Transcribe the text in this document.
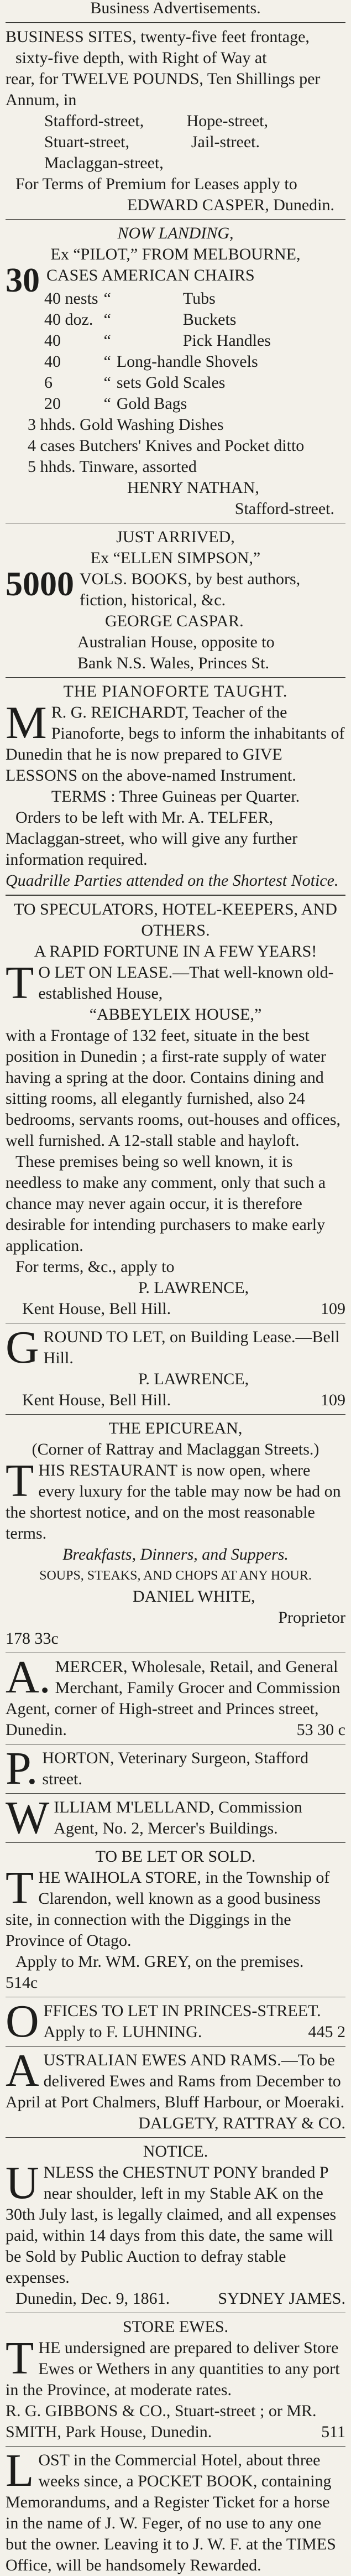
Business Advertisements.

BUSINESS SITES, twenty-five feet frontage,

sixty-five depth, with Right of Way at

rear, for TWELVE POUNDS, Ten Shillings per

Annum, in

Stafford-street,	Hope-street,
Stuart-street,	Jail-street.
Maclaggan-street,

For Terms of Premium for Leases apply to

EDWARD CASPER, Dunedin.

NOW LANDING,

Ex “PILOT,” FROM MELBOURNE,

30 CASES AMERICAN CHAIRS
40 nests	“	Tubs
40 doz.	“	Buckets
40	“	Pick Handles
40	“	Long-handle Shovels
6	“	sets Gold Scales
20	“	Gold Bags

3 hhds. Gold Washing Dishes

4 cases Butchers' Knives and Pocket ditto

5 hhds. Tinware, assorted

HENRY NATHAN,

Stafford-street.

JUST ARRIVED,

Ex “ELLEN SIMPSON,”

5000 VOLS. BOOKS, by best authors,

fiction, historical, &c.

GEORGE CASPAR.

Australian House, opposite to

Bank N.S. Wales, Princes St.

THE PIANOFORTE TAUGHT.

M R. G. REICHARDT, Teacher of the Pianoforte, begs to inform the inhabitants of Dunedin that he is now prepared to GIVE LESSONS on the above-named Instrument.

TERMS : Three Guineas per Quarter.

Orders to be left with Mr. A. TELFER, Maclaggan-street, who will give any further information required.

Quadrille Parties attended on the Shortest Notice.

TO SPECULATORS, HOTEL-KEEPERS, AND OTHERS.

A RAPID FORTUNE IN A FEW YEARS!

T O LET ON LEASE.—That well-known old-established House,

“ABBEYLEIX HOUSE,”

with a Frontage of 132 feet, situate in the best position in Dunedin ; a first-rate supply of water having a spring at the door. Contains dining and sitting rooms, all elegantly furnished, also 24 bedrooms, servants rooms, out-houses and offices, well furnished. A 12-stall stable and hayloft.

These premises being so well known, it is needless to make any comment, only that such a chance may never again occur, it is therefore desirable for intending purchasers to make early application.

For terms, &c., apply to

P. LAWRENCE,

Kent House, Bell Hill.	109

GROUND TO LET, on Building Lease.—Bell Hill.

P. LAWRENCE,

Kent House, Bell Hill.	109

THE EPICUREAN,

(Corner of Rattray and Maclaggan Streets.)

THIS RESTAURANT is now open, where every luxury for the table may now be had on the shortest notice, and on the most reasonable terms.

Breakfasts, Dinners, and Suppers.

SOUPS, STEAKS, AND CHOPS AT ANY HOUR.

DANIEL WHITE,

Proprietor

178 33c

A. MERCER, Wholesale, Retail, and General Merchant, Family Grocer and Commission Agent, corner of High-street and Princes street, Dunedin.	53 30 c

P. HORTON, Veterinary Surgeon, Stafford street.

WILLIAM M'LELLAND, Commission Agent, No. 2, Mercer's Buildings.

TO BE LET OR SOLD.

THE WAIHOLA STORE, in the Township of Clarendon, well known as a good business site, in connection with the Diggings in the Province of Otago.

Apply to Mr. WM. GREY, on the premises.

514c

OFFICES TO LET IN PRINCES-STREET. Apply to F. LUHNING.	445 2

AUSTRALIAN EWES AND RAMS.—To be delivered Ewes and Rams from December to April at Port Chalmers, Bluff Harbour, or Moeraki.

DALGETY, RATTRAY & CO.

NOTICE.

UNLESS the CHESTNUT PONY branded P near shoulder, left in my Stable AK on the 30th July last, is legally claimed, and all expenses paid, within 14 days from this date, the same will be Sold by Public Auction to defray stable expenses.

Dunedin, Dec. 9, 1861.	SYDNEY JAMES.

STORE EWES.

THE undersigned are prepared to deliver Store Ewes or Wethers in any quantities to any port in the Province, at moderate rates.

R. G. GIBBONS & CO., Stuart-street ; or MR. SMITH, Park House, Dunedin.	511

LOST in the Commercial Hotel, about three weeks since, a POCKET BOOK, containing Memorandums, and a Register Ticket for a horse in the name of J. W. Feger, of no use to any one but the owner. Leaving it to J. W. F. at the TIMES Office, will be handsomely Rewarded.
